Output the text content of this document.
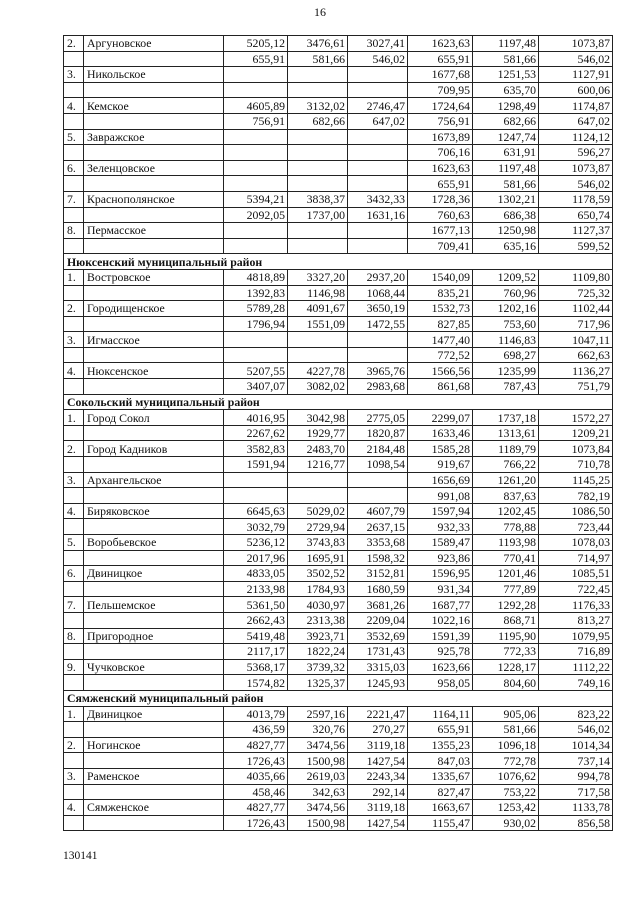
16
2.	Аргуновское	5205,12	3476,61	3027,41	1623,63	1197,48	1073,87
		655,91	581,66	546,02	655,91	581,66	546,02
3.	Никольское				1677,68	1251,53	1127,91
					709,95	635,70	600,06
4.	Кемское	4605,89	3132,02	2746,47	1724,64	1298,49	1174,87
		756,91	682,66	647,02	756,91	682,66	647,02
5.	Завражское				1673,89	1247,74	1124,12
					706,16	631,91	596,27
6.	Зеленцовское				1623,63	1197,48	1073,87
					655,91	581,66	546,02
7.	Краснополянское	5394,21	3838,37	3432,33	1728,36	1302,21	1178,59
		2092,05	1737,00	1631,16	760,63	686,38	650,74
8.	Пермасское				1677,13	1250,98	1127,37
					709,41	635,16	599,52
Нюксенский муниципальный район							
1.	Востровское	4818,89	3327,20	2937,20	1540,09	1209,52	1109,80
		1392,83	1146,98	1068,44	835,21	760,96	725,32
2.	Городищенское	5789,28	4091,67	3650,19	1532,73	1202,16	1102,44
		1796,94	1551,09	1472,55	827,85	753,60	717,96
3.	Игмасское				1477,40	1146,83	1047,11
					772,52	698,27	662,63
4.	Нюксенское	5207,55	4227,78	3965,76	1566,56	1235,99	1136,27
		3407,07	3082,02	2983,68	861,68	787,43	751,79
Сокольский муниципальный район							
1.	Город Сокол	4016,95	3042,98	2775,05	2299,07	1737,18	1572,27
		2267,62	1929,77	1820,87	1633,46	1313,61	1209,21
2.	Город Кадников	3582,83	2483,70	2184,48	1585,28	1189,79	1073,84
		1591,94	1216,77	1098,54	919,67	766,22	710,78
3.	Архангельское				1656,69	1261,20	1145,25
					991,08	837,63	782,19
4.	Биряковское	6645,63	5029,02	4607,79	1597,94	1202,45	1086,50
		3032,79	2729,94	2637,15	932,33	778,88	723,44
5.	Воробьевское	5236,12	3743,83	3353,68	1589,47	1193,98	1078,03
		2017,96	1695,91	1598,32	923,86	770,41	714,97
6.	Двиницкое	4833,05	3502,52	3152,81	1596,95	1201,46	1085,51
		2133,98	1784,93	1680,59	931,34	777,89	722,45
7.	Пельшемское	5361,50	4030,97	3681,26	1687,77	1292,28	1176,33
		2662,43	2313,38	2209,04	1022,16	868,71	813,27
8.	Пригородное	5419,48	3923,71	3532,69	1591,39	1195,90	1079,95
		2117,17	1822,24	1731,43	925,78	772,33	716,89
9.	Чучковское	5368,17	3739,32	3315,03	1623,66	1228,17	1112,22
		1574,82	1325,37	1245,93	958,05	804,60	749,16
Сямженский муниципальный район							
1.	Двиницкое	4013,79	2597,16	2221,47	1164,11	905,06	823,22
		436,59	320,76	270,27	655,91	581,66	546,02
2.	Ногинское	4827,77	3474,56	3119,18	1355,23	1096,18	1014,34
		1726,43	1500,98	1427,54	847,03	772,78	737,14
3.	Раменское	4035,66	2619,03	2243,34	1335,67	1076,62	994,78
		458,46	342,63	292,14	827,47	753,22	717,58
4.	Сямженское	4827,77	3474,56	3119,18	1663,67	1253,42	1133,78
		1726,43	1500,98	1427,54	1155,47	930,02	856,58
130141
